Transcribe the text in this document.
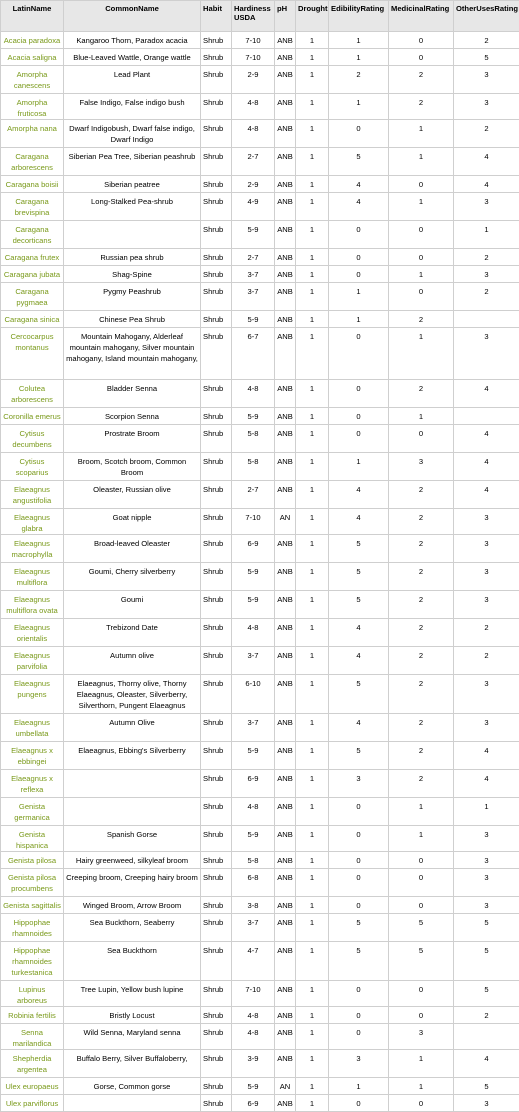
LatinName	CommonName	Habit	Hardiness USDA	pH	Drought	EdibilityRating	MedicinalRating	OtherUsesRating
Acacia paradoxa	Kangaroo Thorn, Paradox acacia	Shrub	7-10	ANB	1	1	0	2
Acacia saligna	Blue-Leaved Wattle, Orange wattle	Shrub	7-10	ANB	1	1	0	5
Amorpha canescens	Lead Plant	Shrub	2-9	ANB	1	2	2	3
Amorpha fruticosa	False Indigo, False indigo bush	Shrub	4-8	ANB	1	1	2	3
Amorpha nana	Dwarf Indigobush, Dwarf false indigo, Dwarf Indigo	Shrub	4-8	ANB	1	0	1	2
Caragana arborescens	Siberian Pea Tree, Siberian peashrub	Shrub	2-7	ANB	1	5	1	4
Caragana boisii	Siberian peatree	Shrub	2-9	ANB	1	4	0	4
Caragana brevispina	Long-Stalked Pea-shrub	Shrub	4-9	ANB	1	4	1	3
Caragana decorticans		Shrub	5-9	ANB	1	0	0	1
Caragana frutex	Russian pea shrub	Shrub	2-7	ANB	1	0	0	2
Caragana jubata	Shag-Spine	Shrub	3-7	ANB	1	0	1	3
Caragana pygmaea	Pygmy Peashrub	Shrub	3-7	ANB	1	1	0	2
Caragana sinica	Chinese Pea Shrub	Shrub	5-9	ANB	1	1	2	
Cercocarpus montanus	Mountain Mahogany, Alderleaf mountain mahogany, Silver mountain mahogany, Island mountain mahogany,	Shrub	6-7	ANB	1	0	1	3
Colutea arborescens	Bladder Senna	Shrub	4-8	ANB	1	0	2	4
Coronilla emerus	Scorpion Senna	Shrub	5-9	ANB	1	0	1	
Cytisus decumbens	Prostrate Broom	Shrub	5-8	ANB	1	0	0	4
Cytisus scoparius	Broom, Scotch broom, Common Broom	Shrub	5-8	ANB	1	1	3	4
Elaeagnus angustifolia	Oleaster, Russian olive	Shrub	2-7	ANB	1	4	2	4
Elaeagnus glabra	Goat nipple	Shrub	7-10	AN	1	4	2	3
Elaeagnus macrophylla	Broad-leaved Oleaster	Shrub	6-9	ANB	1	5	2	3
Elaeagnus multiflora	Goumi, Cherry silverberry	Shrub	5-9	ANB	1	5	2	3
Elaeagnus multiflora ovata	Goumi	Shrub	5-9	ANB	1	5	2	3
Elaeagnus orientalis	Trebizond Date	Shrub	4-8	ANB	1	4	2	2
Elaeagnus parvifolia	Autumn olive	Shrub	3-7	ANB	1	4	2	2
Elaeagnus pungens	Elaeagnus, Thorny olive, Thorny Elaeagnus, Oleaster, Silverberry, Silverthorn, Pungent Elaeagnus	Shrub	6-10	ANB	1	5	2	3
Elaeagnus umbellata	Autumn Olive	Shrub	3-7	ANB	1	4	2	3
Elaeagnus x ebbingei	Elaeagnus, Ebbing's Silverberry	Shrub	5-9	ANB	1	5	2	4
Elaeagnus x reflexa		Shrub	6-9	ANB	1	3	2	4
Genista germanica		Shrub	4-8	ANB	1	0	1	1
Genista hispanica	Spanish Gorse	Shrub	5-9	ANB	1	0	1	3
Genista pilosa	Hairy greenweed, silkyleaf broom	Shrub	5-8	ANB	1	0	0	3
Genista pilosa procumbens	Creeping broom, Creeping hairy broom	Shrub	6-8	ANB	1	0	0	3
Genista sagittalis	Winged Broom, Arrow Broom	Shrub	3-8	ANB	1	0	0	3
Hippophae rhamnoides	Sea Buckthorn, Seaberry	Shrub	3-7	ANB	1	5	5	5
Hippophae rhamnoides turkestanica	Sea Buckthorn	Shrub	4-7	ANB	1	5	5	5
Lupinus arboreus	Tree Lupin, Yellow bush lupine	Shrub	7-10	ANB	1	0	0	5
Robinia fertilis	Bristly Locust	Shrub	4-8	ANB	1	0	0	2
Senna marilandica	Wild Senna, Maryland senna	Shrub	4-8	ANB	1	0	3	
Shepherdia argentea	Buffalo Berry, Silver Buffaloberry,	Shrub	3-9	ANB	1	3	1	4
Ulex europaeus	Gorse, Common gorse	Shrub	5-9	AN	1	1	1	5
Ulex parviflorus		Shrub	6-9	ANB	1	0	0	3
